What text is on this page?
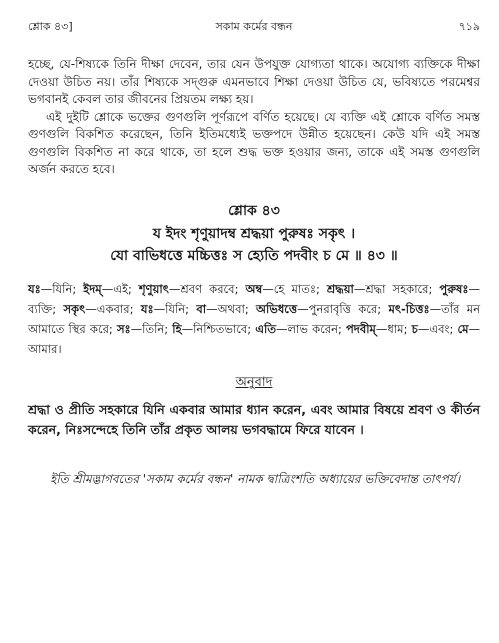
শ্লোক ৪৩]	সকাম কর্মের বন্ধন	৭১৯

হচ্ছে, যে-শিষ্যকে তিনি দীক্ষা দেবেন, তার যেন উপযুক্ত যোগ্যতা থাকে। অযোগ্য ব্যক্তিকে দীক্ষা দেওয়া উচিত নয়। তাঁর শিষ্যকে সদ্গুরু এমনভাবে শিক্ষা দেওয়া উচিত যে, ভবিষ্যতে পরমেশ্বর ভগবানই কেবল তার জীবনের প্রিয়তম লক্ষ্য হয়।

এই দুইটি শ্লোকে ভক্তের গুণগুলি পূর্ণরূপে বর্ণিত হয়েছে। যে ব্যক্তি এই শ্লোকে বর্ণিত সমস্ত গুণগুলি বিকশিত করেছেন, তিনি ইতিমধ্যেই ভক্তপদে উন্নীত হয়েছেন। কেউ যদি এই সমস্ত গুণগুলি বিকশিত না করে থাকে, তা হলে শুদ্ধ ভক্ত হওয়ার জন্য, তাকে এই সমস্ত গুণগুলি অর্জন করতে হবে।

শ্লোক ৪৩
য ইদং শৃণুয়াদম্ব শ্রদ্ধয়া পুরুষঃ সকৃৎ ।
যো বাভিধত্তে মচ্চিত্তঃ স হ্যেতি পদবীং চ মে ॥ ৪৩ ॥
যঃ—যিনি; ইদম্—এই; শৃণুয়াৎ—শ্রবণ করবে; অম্ব—হে মাতঃ; শ্রদ্ধয়া—শ্রদ্ধা সহকারে; পুরুষঃ—ব্যক্তি; সকৃৎ—একবার; যঃ—যিনি; বা—অথবা; অভিধত্তে—পুনরাবৃত্তি করে; মৎ-চিত্তঃ—তাঁর মন আমাতে স্থির করে; সঃ—তিনি; হি—নিশ্চিতভাবে; এতি—লাভ করেন; পদবীম্—ধাম; চ—এবং; মে—আমার।
অনুবাদ
শ্রদ্ধা ও প্রীতি সহকারে যিনি একবার আমার ধ্যান করেন, এবং আমার বিষয়ে শ্রবণ ও কীর্তন করেন, নিঃসন্দেহে তিনি তাঁর প্রকৃত আলয় ভগবদ্ধামে ফিরে যাবেন ।
ইতি শ্রীমদ্ভাগবতের 'সকাম কর্মের বন্ধন' নামক দ্বাত্রিংশতি অধ্যায়ের ভক্তিবেদান্ত তাৎপর্য।
